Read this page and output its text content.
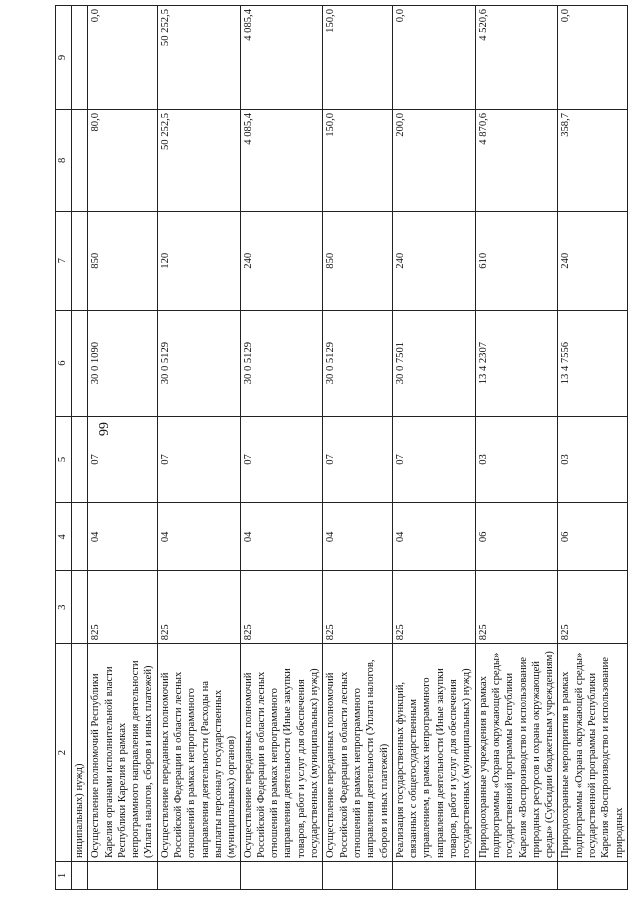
66
1	2	3	4	5	6	7	8	9
	ниципальных) нужд)							
	Осуществление полномочий Республики Карелия органами исполнительной власти Республики Карелия в рамках непрограммного направления деятельности (Уплата налогов, сборов и иных платежей)	825	04	07	30 0 1090	850	80,0	0,0
	Осуществление переданных полномочий Российской Федерации в области лесных отношений в рамках непрограммного направления деятельности (Расходы на выплаты персоналу государственных (муниципальных) органов)	825	04	07	30 0 5129	120	50 252,5	50 252,5
	Осуществление переданных полномочий Российской Федерации в области лесных отношений в рамках непрограммного направления деятельности (Иные закупки товаров, работ и услуг для обеспечения государственных (муниципальных) нужд)	825	04	07	30 0 5129	240	4 085,4	4 085,4
	Осуществление переданных полномочий Российской Федерации в области лесных отношений в рамках непрограммного направления деятельности (Уплата налогов, сборов и иных платежей)	825	04	07	30 0 5129	850	150,0	150,0
	Реализация государственных функций, связанных с общегосударственным управлением, в рамках непрограммного направления деятельности (Иные закупки товаров, работ и услуг для обеспечения государственных (муниципальных) нужд)	825	04	07	30 0 7501	240	200,0	0,0
	Природоохранные учреждения в рамках подпрограммы «Охрана окружающей среды» государственной программы Республики Карелия «Воспроизводство и использование природных ресурсов и охрана окружающей среды» (Субсидии бюджетным учреждениям)	825	06	03	13 4 2307	610	4 870,6	4 520,6
	Природоохранные мероприятия в рамках подпрограммы «Охрана окружающей среды» государственной программы Республики Карелия «Воспроизводство и использование природных	825	06	03	13 4 7556	240	358,7	0,0
